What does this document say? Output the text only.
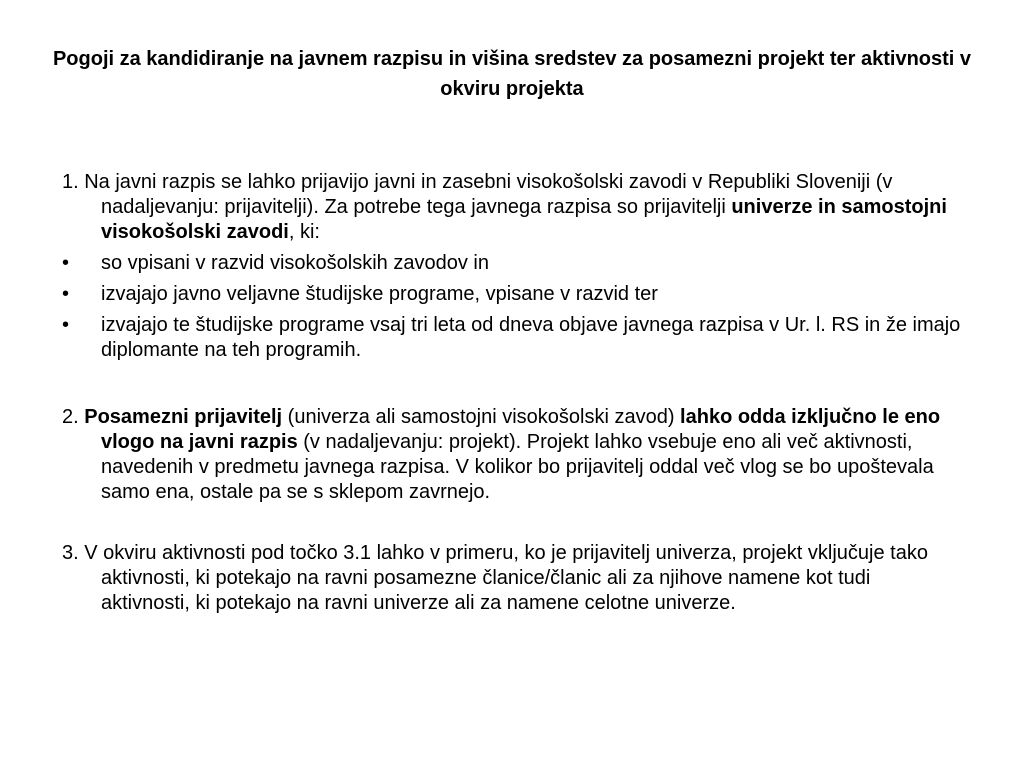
Pogoji za kandidiranje na javnem razpisu in višina sredstev za posamezni projekt ter aktivnosti v okviru projekta

1. Na javni razpis se lahko prijavijo javni in zasebni visokošolski zavodi v Republiki Sloveniji (v nadaljevanju: prijavitelji). Za potrebe tega javnega razpisa so prijavitelji univerze in samostojni visokošolski zavodi, ki:

• so vpisani v razvid visokošolskih zavodov in
• izvajajo javno veljavne študijske programe, vpisane v razvid ter
• izvajajo te študijske programe vsaj tri leta od dneva objave javnega razpisa v Ur. l. RS in že imajo diplomante na teh programih.

2. Posamezni prijavitelj (univerza ali samostojni visokošolski zavod) lahko odda izključno le eno vlogo na javni razpis (v nadaljevanju: projekt). Projekt lahko vsebuje eno ali več aktivnosti, navedenih v predmetu javnega razpisa. V kolikor bo prijavitelj oddal več vlog se bo upoštevala samo ena, ostale pa se s sklepom zavrnejo.

3. V okviru aktivnosti pod točko 3.1 lahko v primeru, ko je prijavitelj univerza, projekt vključuje tako aktivnosti, ki potekajo na ravni posamezne članice/članic ali za njihove namene kot tudi aktivnosti, ki potekajo na ravni univerze ali za namene celotne univerze.
